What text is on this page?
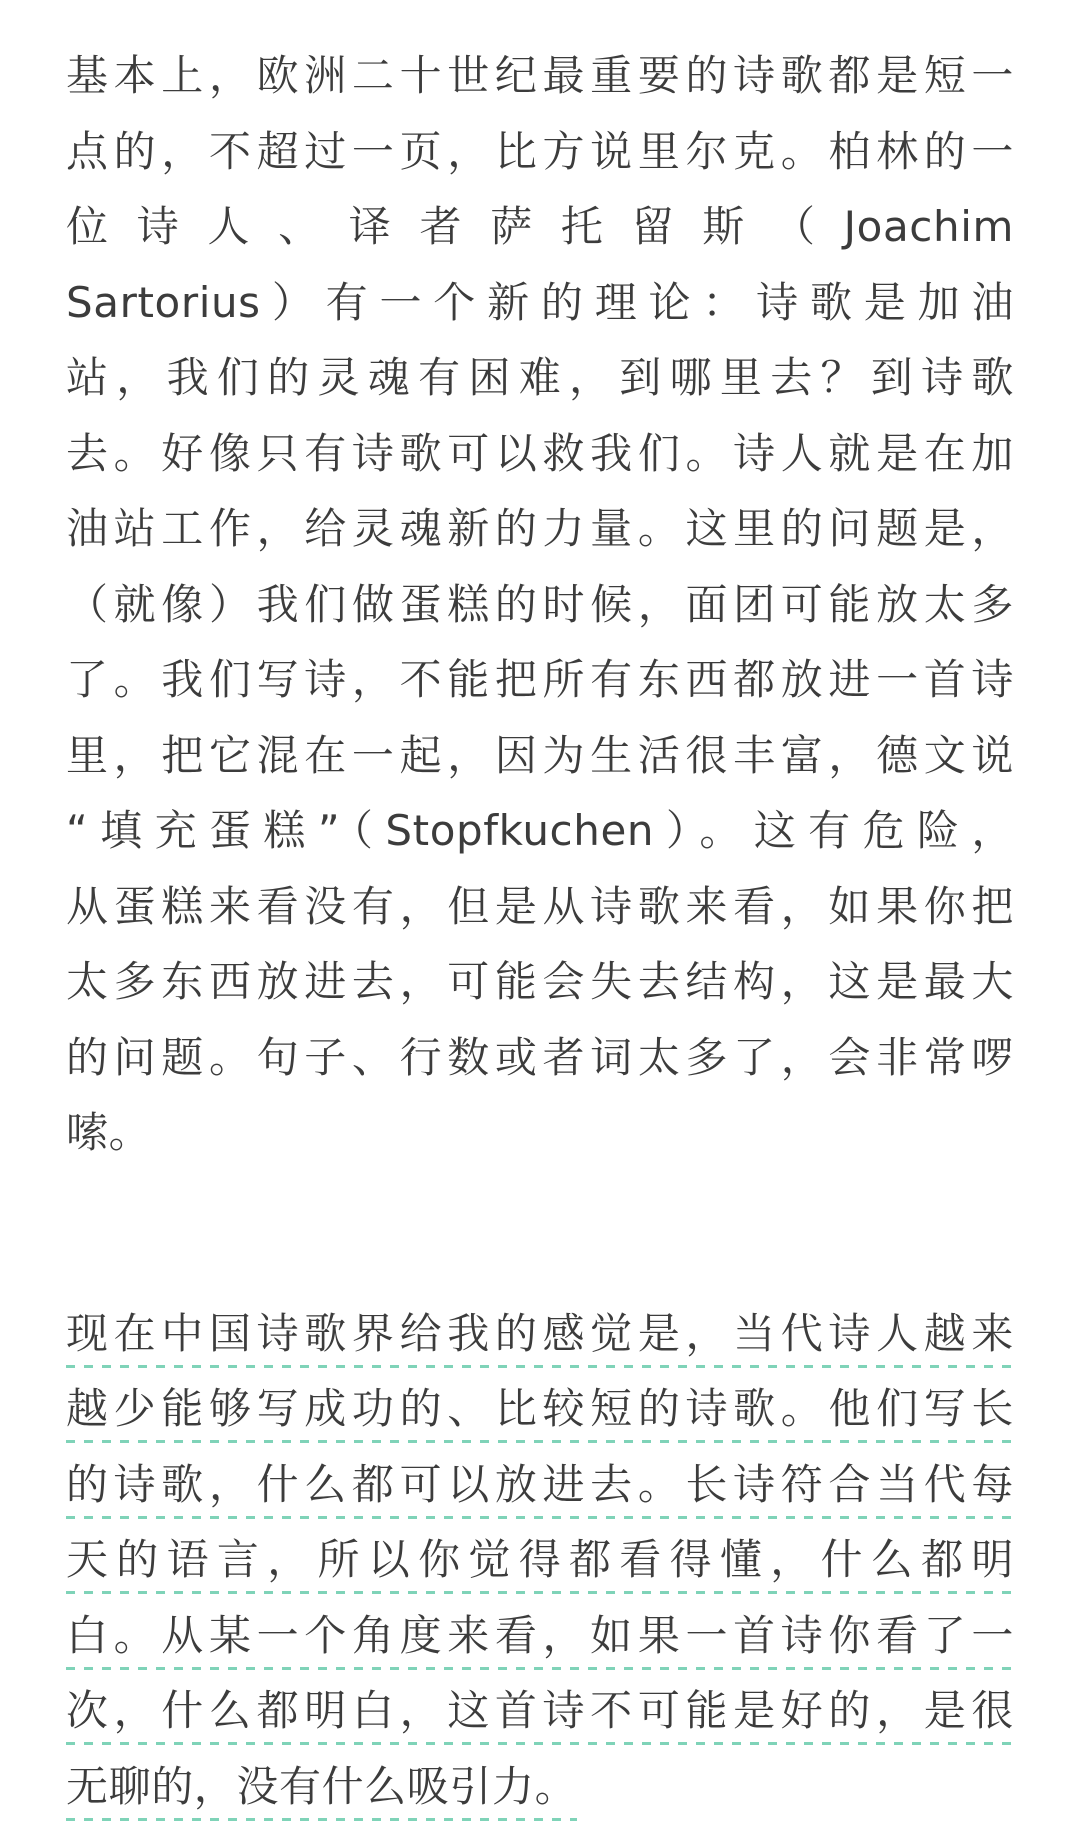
基本上，欧洲二十世纪最重要的诗歌都是短一
点的，不超过一页，比方说里尔克。柏林的一
位诗人、译者萨托留斯（Joachim
Sartorius）有一个新的理论：诗歌是加油
站，我们的灵魂有困难，到哪里去？到诗歌
去。好像只有诗歌可以救我们。诗人就是在加
油站工作，给灵魂新的力量。这里的问题是，
（就像）我们做蛋糕的时候，面团可能放太多
了。我们写诗，不能把所有东西都放进一首诗
里，把它混在一起，因为生活很丰富，德文说
“填充蛋糕”（Stopfkuchen）。这有危险，
从蛋糕来看没有，但是从诗歌来看，如果你把
太多东西放进去，可能会失去结构，这是最大
的问题。句子、行数或者词太多了，会非常啰
嗦。
现在中国诗歌界给我的感觉是，当代诗人越来
越少能够写成功的、比较短的诗歌。他们写长
的诗歌，什么都可以放进去。长诗符合当代每
天的语言，所以你觉得都看得懂，什么都明
白。从某一个角度来看，如果一首诗你看了一
次，什么都明白，这首诗不可能是好的，是很
无聊的，没有什么吸引力。
